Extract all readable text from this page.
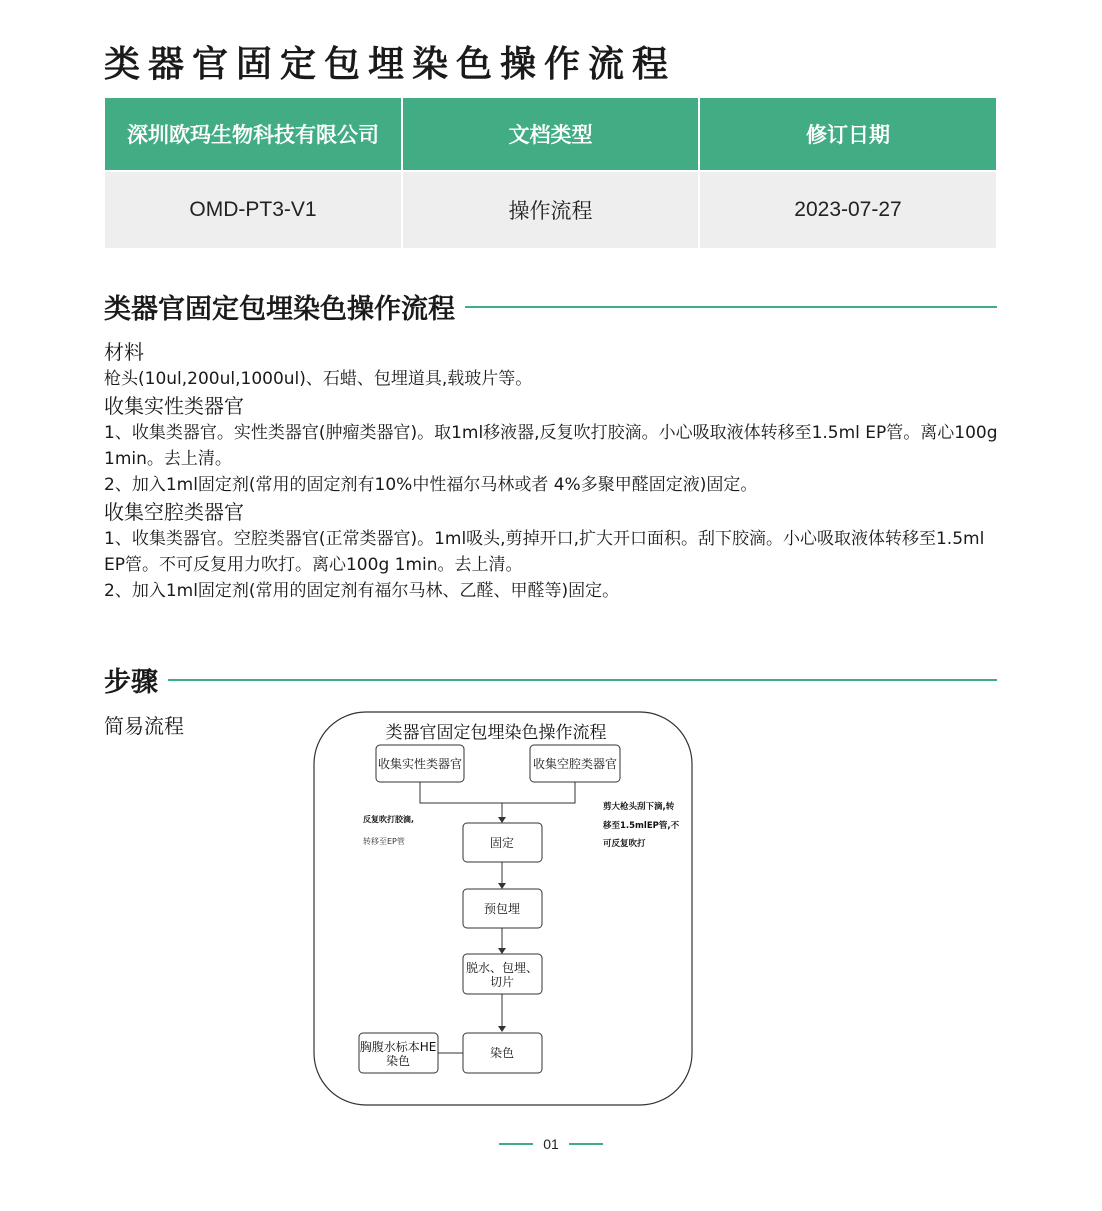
类器官固定包埋染色操作流程
深圳欧玛生物科技有限公司	文档类型	修订日期
OMD-PT3-V1	操作流程	2023-07-27
类器官固定包埋染色操作流程

材料

枪头(10ul,200ul,1000ul)、石蜡、包埋道具,载玻片等。

收集实性类器官

1、收集类器官。实性类器官(肿瘤类器官)。取1ml移液器,反复吹打胶滴。小心吸取液体转移至1.5ml EP管。离心100g 1min。去上清。

2、加入1ml固定剂(常用的固定剂有10%中性福尔马林或者 4%多聚甲醛固定液)固定。

收集空腔类器官

1、收集类器官。空腔类器官(正常类器官)。1ml吸头,剪掉开口,扩大开口面积。刮下胶滴。小心吸取液体转移至1.5ml EP管。不可反复用力吹打。离心100g 1min。去上清。

2、加入1ml固定剂(常用的固定剂有福尔马林、乙醛、甲醛等)固定。

步骤
简易流程	类器官固定包埋染色操作流程
收集实性类器官	收集空腔类器官
反复吹打胶滴,
转移至EP管
剪大枪头刮下滴,转
移至1.5mlEP管,不
可反复吹打
固定
预包埋
脱水、包埋、
切片
染色
胸腹水标本HE
染色
01
